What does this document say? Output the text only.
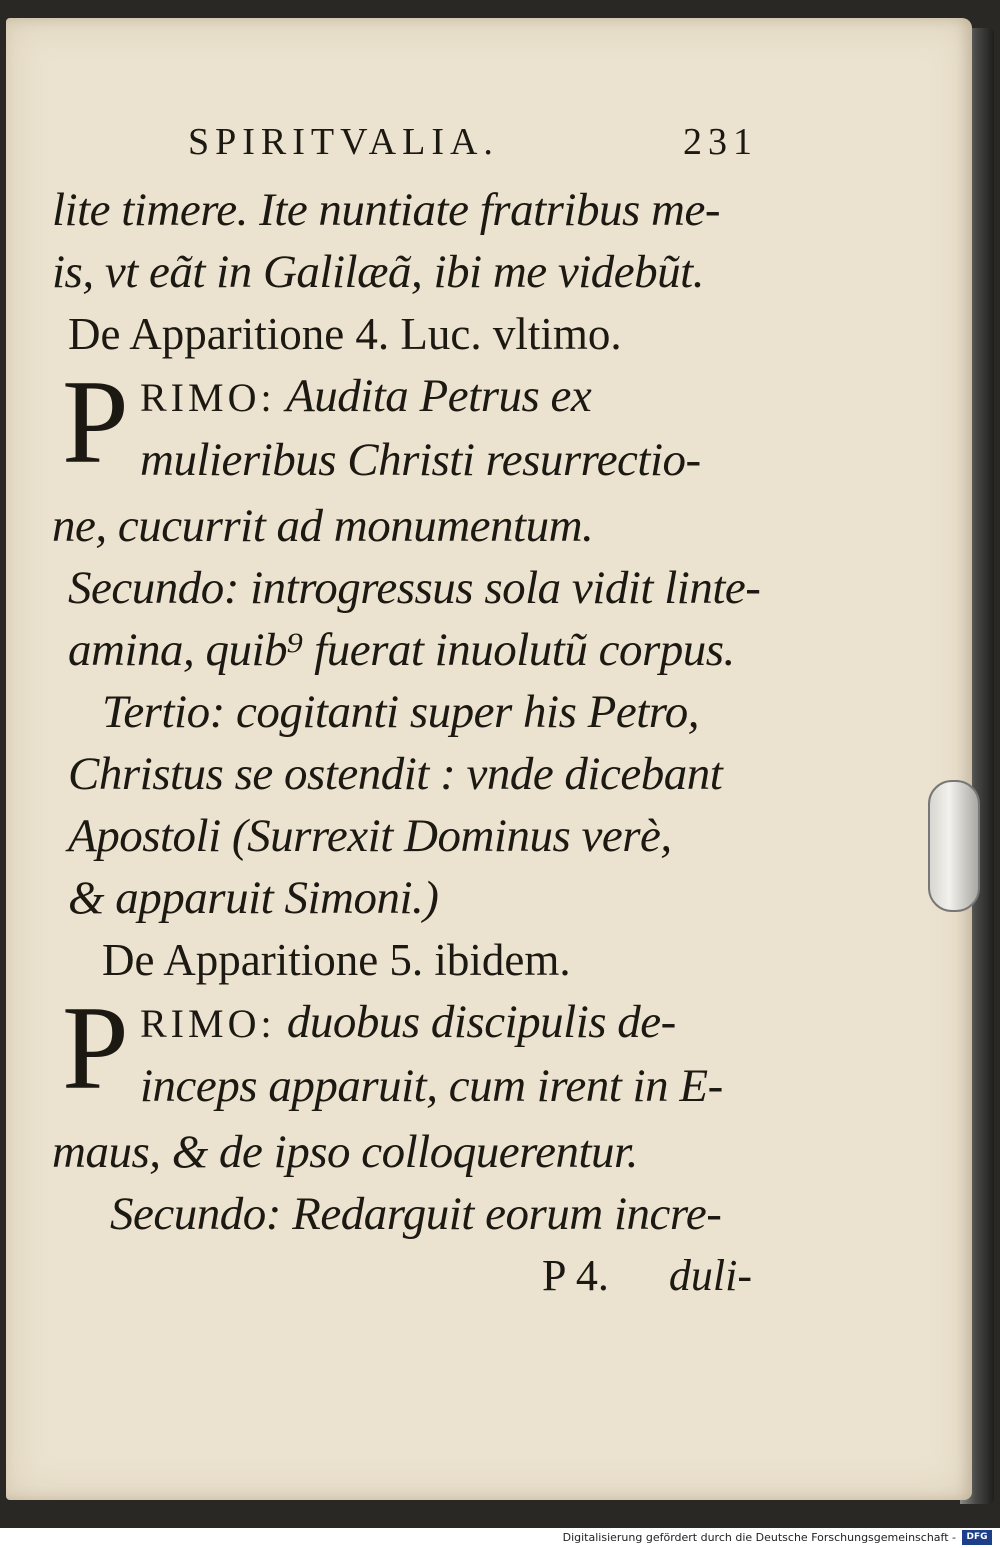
SPIRITVALIA.	231
lite timere. Ite nuntiate fratribus me-
is, vt eãt in Galilæã, ibi me videbũt.
De Apparitione 4. Luc. vltimo.
P RIMO: Audita Petrus ex
mulieribus Christi resurrectio-
ne, cucurrit ad monumentum.
Secundo: introgressus sola vidit linte-
amina, quib⁹ fuerat inuolutũ corpus.
Tertio: cogitanti super his Petro,
Christus se ostendit : vnde dicebant
Apostoli (Surrexit Dominus verè,
& apparuit Simoni.)
De Apparitione 5. ibidem.
P RIMO: duobus discipulis de-
inceps apparuit, cum irent in E-
maus, & de ipso colloquerentur.
Secundo: Redarguit eorum incre-
P 4. duli-
Digitalisierung gefördert durch die Deutsche Forschungsgemeinschaft -	DFG
